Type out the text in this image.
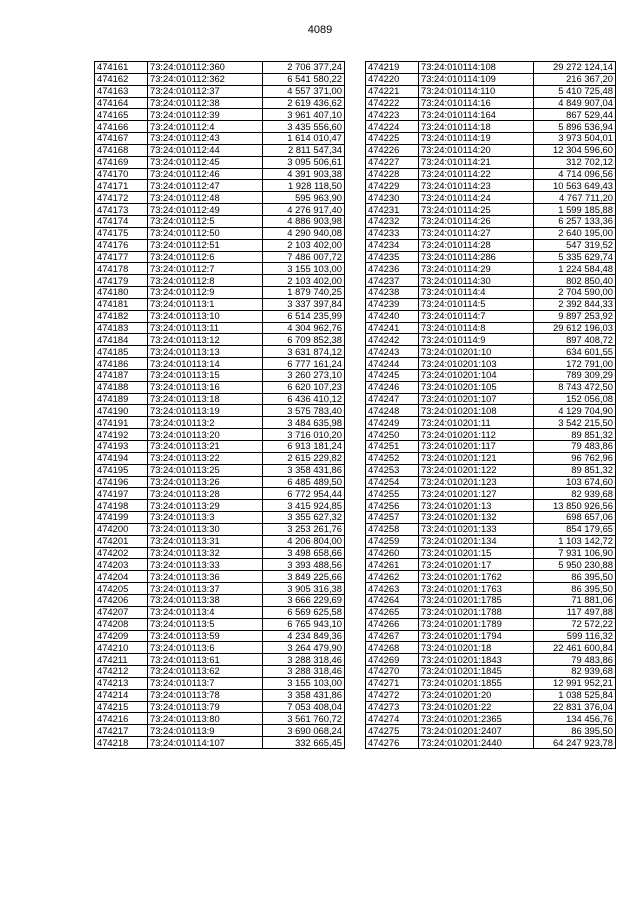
4089
474161	73:24:010112:360	2 706 377,24
474162	73:24:010112:362	6 541 580,22
474163	73:24:010112:37	4 557 371,00
474164	73:24:010112:38	2 619 436,62
474165	73:24:010112:39	3 961 407,10
474166	73:24:010112:4	3 435 556,60
474167	73:24:010112:43	1 614 010,47
474168	73:24:010112:44	2 811 547,34
474169	73:24:010112:45	3 095 506,61
474170	73:24:010112:46	4 391 903,38
474171	73:24:010112:47	1 928 118,50
474172	73:24:010112:48	595 963,90
474173	73:24:010112:49	4 276 917,40
474174	73:24:010112:5	4 886 903,98
474175	73:24:010112:50	4 290 940,08
474176	73:24:010112:51	2 103 402,00
474177	73:24:010112:6	7 486 007,72
474178	73:24:010112:7	3 155 103,00
474179	73:24:010112:8	2 103 402,00
474180	73:24:010112:9	1 879 740,25
474181	73:24:010113:1	3 337 397,84
474182	73:24:010113:10	6 514 235,99
474183	73:24:010113:11	4 304 962,76
474184	73:24:010113:12	6 709 852,38
474185	73:24:010113:13	3 631 874,12
474186	73:24:010113:14	6 777 161,24
474187	73:24:010113:15	3 260 273,10
474188	73:24:010113:16	6 620 107,23
474189	73:24:010113:18	6 436 410,12
474190	73:24:010113:19	3 575 783,40
474191	73:24:010113:2	3 484 635,98
474192	73:24:010113:20	3 716 010,20
474193	73:24:010113:21	6 913 181,24
474194	73:24:010113:22	2 615 229,82
474195	73:24:010113:25	3 358 431,86
474196	73:24:010113:26	6 485 489,50
474197	73:24:010113:28	6 772 954,44
474198	73:24:010113:29	3 415 924,85
474199	73:24:010113:3	3 355 627,32
474200	73:24:010113:30	3 253 261,76
474201	73:24:010113:31	4 206 804,00
474202	73:24:010113:32	3 498 658,66
474203	73:24:010113:33	3 393 488,56
474204	73:24:010113:36	3 849 225,66
474205	73:24:010113:37	3 905 316,38
474206	73:24:010113:38	3 666 229,69
474207	73:24:010113:4	6 569 625,58
474208	73:24:010113:5	6 765 943,10
474209	73:24:010113:59	4 234 849,36
474210	73:24:010113:6	3 264 479,90
474211	73:24:010113:61	3 288 318,46
474212	73:24:010113:62	3 288 318,46
474213	73:24:010113:7	3 155 103,00
474214	73:24:010113:78	3 358 431,86
474215	73:24:010113:79	7 053 408,04
474216	73:24:010113:80	3 561 760,72
474217	73:24:010113:9	3 690 068,24
474218	73:24:010114:107	332 665,45
474219	73:24:010114:108	29 272 124,14
474220	73:24:010114:109	216 367,20
474221	73:24:010114:110	5 410 725,48
474222	73:24:010114:16	4 849 907,04
474223	73:24:010114:164	867 529,44
474224	73:24:010114:18	5 896 536,94
474225	73:24:010114:19	3 973 504,01
474226	73:24:010114:20	12 304 596,60
474227	73:24:010114:21	312 702,12
474228	73:24:010114:22	4 714 096,56
474229	73:24:010114:23	10 563 649,43
474230	73:24:010114:24	4 767 711,20
474231	73:24:010114:25	1 599 185,88
474232	73:24:010114:26	6 257 133,36
474233	73:24:010114:27	2 640 195,00
474234	73:24:010114:28	547 319,52
474235	73:24:010114:286	5 335 629,74
474236	73:24:010114:29	1 224 584,48
474237	73:24:010114:30	802 850,40
474238	73:24:010114:4	2 704 590,00
474239	73:24:010114:5	2 392 844,33
474240	73:24:010114:7	9 897 253,92
474241	73:24:010114:8	29 612 196,03
474242	73:24:010114:9	897 408,72
474243	73:24:010201:10	634 601,55
474244	73:24:010201:103	172 791,00
474245	73:24:010201:104	789 309,29
474246	73:24:010201:105	8 743 472,50
474247	73:24:010201:107	152 056,08
474248	73:24:010201:108	4 129 704,90
474249	73:24:010201:11	3 542 215,50
474250	73:24:010201:112	89 851,32
474251	73:24:010201:117	79 483,86
474252	73:24:010201:121	96 762,96
474253	73:24:010201:122	89 851,32
474254	73:24:010201:123	103 674,60
474255	73:24:010201:127	82 939,68
474256	73:24:010201:13	13 850 926,56
474257	73:24:010201:132	698 657,06
474258	73:24:010201:133	854 179,65
474259	73:24:010201:134	1 103 142,72
474260	73:24:010201:15	7 931 106,90
474261	73:24:010201:17	5 950 230,88
474262	73:24:010201:1762	86 395,50
474263	73:24:010201:1763	86 395,50
474264	73:24:010201:1785	71 881,06
474265	73:24:010201:1788	117 497,88
474266	73:24:010201:1789	72 572,22
474267	73:24:010201:1794	599 116,32
474268	73:24:010201:18	22 461 600,84
474269	73:24:010201:1843	79 483,86
474270	73:24:010201:1845	82 939,68
474271	73:24:010201:1855	12 991 952,21
474272	73:24:010201:20	1 038 525,84
474273	73:24:010201:22	22 831 376,04
474274	73:24:010201:2365	134 456,76
474275	73:24:010201:2407	86 395,50
474276	73:24:010201:2440	64 247 923,78
